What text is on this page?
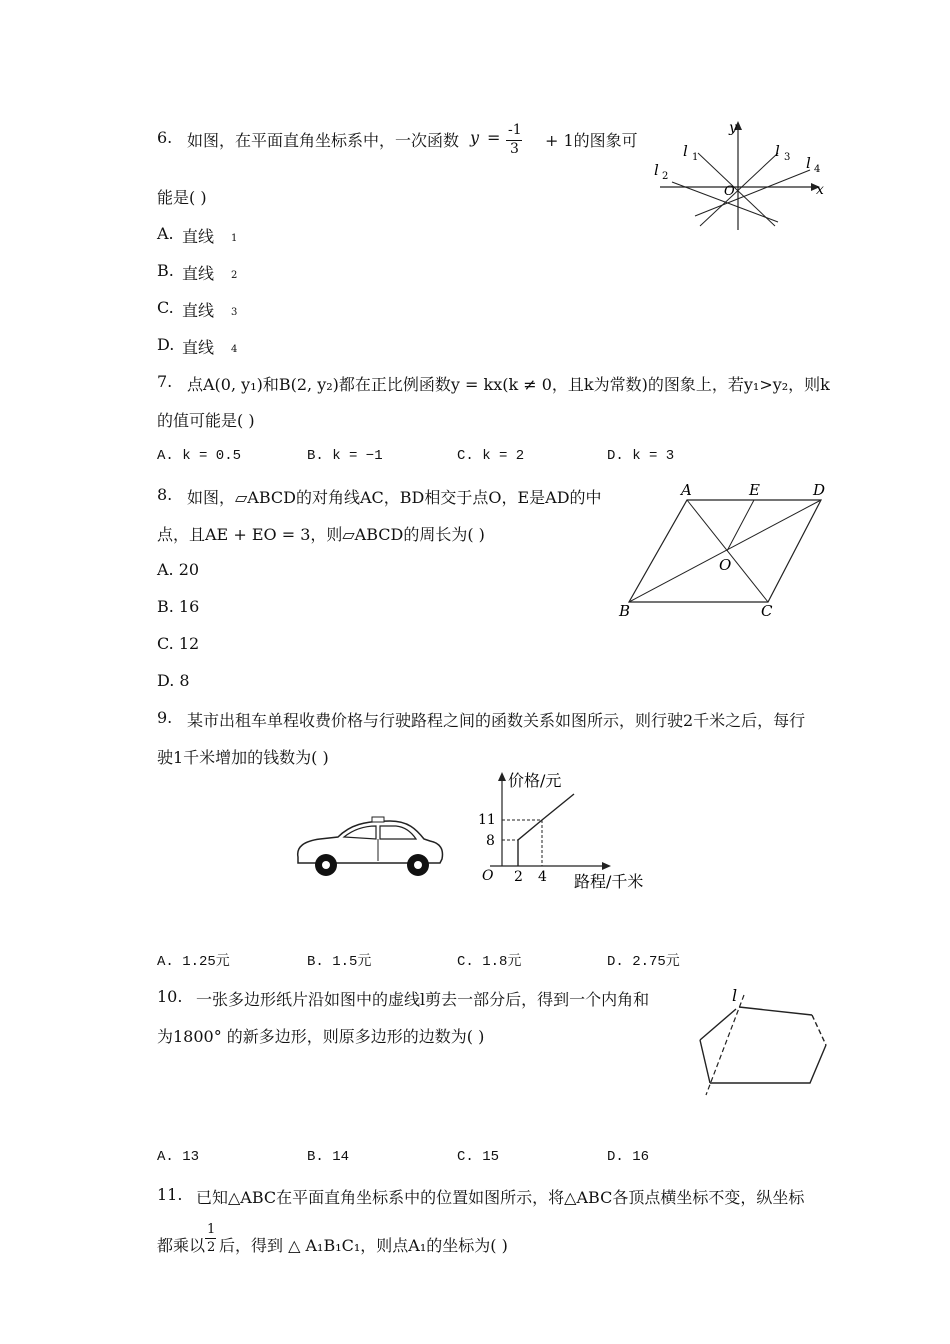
6. 如图，在平面直角坐标系中，一次函数 y = -1
3 + 1的图象可
能是( )
A. 直线 1
B. 直线 2
C. 直线 3
D. 直线 4
y
x
O
l 1
l 2
l 3 l 4
7. 点A(0, y₁)和B(2, y₂)都在正比例函数y = kx(k ≠ 0，且k为常数)的图象上，若y₁>y₂，则k
的值可能是( )
A. k = 0.5	B. k = −1	C. k = 2	D. k = 3
8. 如图，▱ABCD的对角线AC，BD相交于点O，E是AD的中
点，且AE + EO = 3，则▱ABCD的周长为( )
A. 20
B. 16
C. 12
D. 8
A	D
E
B	C
O
9. 某市出租车单程收费价格与行驶路程之间的函数关系如图所示，则行驶2千米之后，每行
驶1千米增加的钱数为( )
价格/元
路程/千米
O
11
8
2 4
A. 1.25元	B. 1.5元	C. 1.8元	D. 2.75元
10. 一张多边形纸片沿如图中的虚线l剪去一部分后，得到一个内角和
为1800° 的新多边形，则原多边形的边数为( )
l
A. 13	B. 14	C. 15	D. 16
11. 已知△ABC在平面直角坐标系中的位置如图所示，将△ABC各顶点横坐标不变，纵坐标
都乘以
1
2 后，得到 △ A₁B₁C₁，则点A₁的坐标为( )
